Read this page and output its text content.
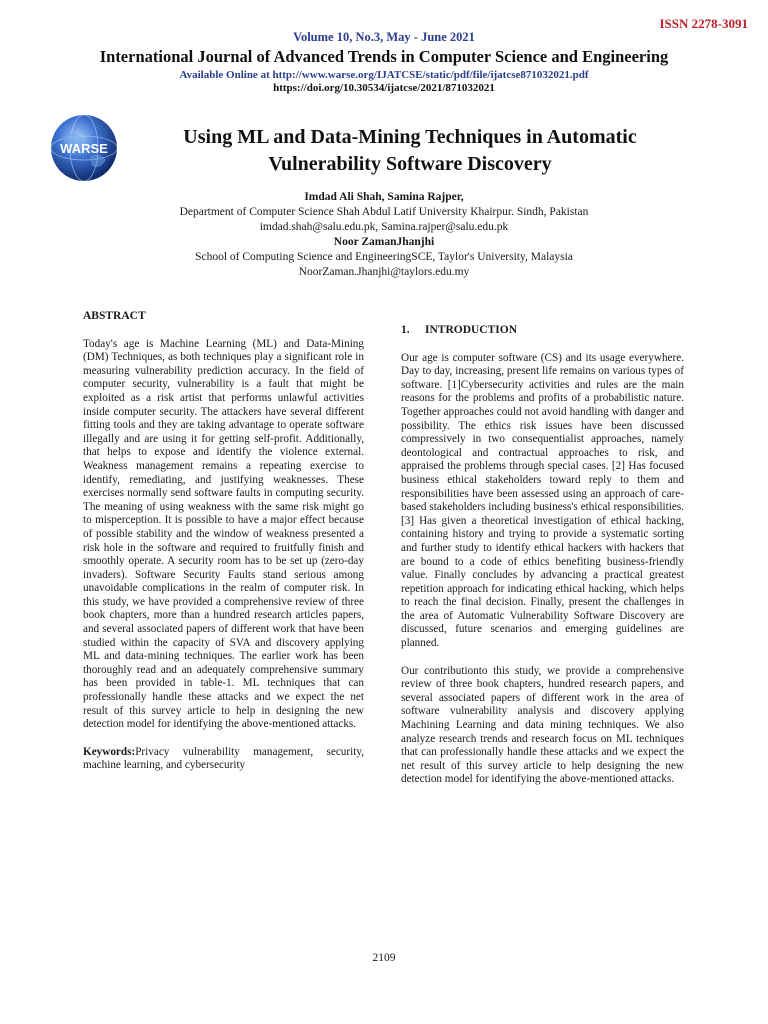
ISSN 2278-3091
Volume 10, No.3, May - June 2021
International Journal of Advanced Trends in Computer Science and Engineering
Available Online at http://www.warse.org/IJATCSE/static/pdf/file/ijatcse871032021.pdf
https://doi.org/10.30534/ijatcse/2021/871032021
WARSE
Using ML and Data-Mining Techniques in Automatic
Vulnerability Software Discovery
Imdad Ali Shah, Samina Rajper,
Department of Computer Science Shah Abdul Latif University Khairpur. Sindh, Pakistan
imdad.shah@salu.edu.pk, Samina.rajper@salu.edu.pk
Noor ZamanJhanjhi
School of Computing Science and EngineeringSCE, Taylor's University, Malaysia
NoorZaman.Jhanjhi@taylors.edu.my
ABSTRACT

Today's age is Machine Learning (ML) and Data-Mining (DM) Techniques, as both techniques play a significant role in measuring vulnerability prediction accuracy. In the field of computer security, vulnerability is a fault that might be exploited as a risk artist that performs unlawful activities inside computer security. The attackers have several different fitting tools and they are taking advantage to operate software illegally and are using it for getting self-profit. Additionally, that helps to expose and identify the violence external. Weakness management remains a repeating exercise to identify, remediating, and justifying weaknesses. These exercises normally send software faults in computing security. The meaning of using weakness with the same risk might go to misperception. It is possible to have a major effect because of possible stability and the window of weakness presented a risk hole in the software and required to fruitfully finish and smoothly operate. A security room has to be set up (zero-day invaders). Software Security Faults stand serious among unavoidable complications in the realm of computer risk. In this study, we have provided a comprehensive review of three book chapters, more than a hundred research articles papers, and several associated papers of different work that have been studied within the capacity of SVA and discovery applying ML and data-mining techniques. The earlier work has been thoroughly read and an adequately comprehensive summary has been provided in table-1. ML techniques that can professionally handle these attacks and we expect the net result of this survey article to help in designing the new detection model for identifying the above-mentioned attacks.

Keywords:Privacy vulnerability management, security, machine learning, and cybersecurity

1. INTRODUCTION

Our age is computer software (CS) and its usage everywhere. Day to day, increasing, present life remains on various types of software. [1]Cybersecurity activities and rules are the main reasons for the problems and profits of a probabilistic nature. Together approaches could not avoid handling with danger and possibility. The ethics risk issues have been discussed compressively in two consequentialist approaches, namely deontological and contractual approaches to risk, and appraised the problems through special cases. [2] Has focused business ethical stakeholders toward reply to them and responsibilities have been assessed using an approach of care-based stakeholders including business's ethical responsibilities. [3] Has given a theoretical investigation of ethical hacking, containing history and trying to provide a systematic sorting and further study to identify ethical hackers with hackers that are bound to a code of ethics benefiting business-friendly value. Finally concludes by advancing a practical greatest repetition approach for indicating ethical hacking, which helps to reach the final decision. Finally, present the challenges in the area of Automatic Vulnerability Software Discovery are discussed, future scenarios and emerging guidelines are planned.

Our contributionto this study, we provide a comprehensive review of three book chapters, hundred research papers, and several associated papers of different work in the area of software vulnerability analysis and discovery applying Machining Learning and data mining techniques. We also analyze research trends and research focus on ML techniques that can professionally handle these attacks and we expect the net result of this survey article to help designing the new detection model for identifying the above-mentioned attacks.

2109
